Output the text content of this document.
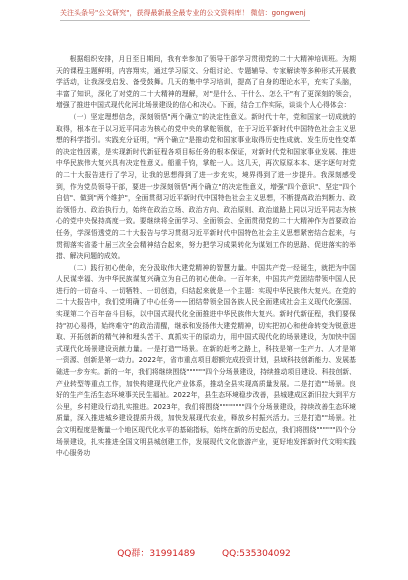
关注头条号"公文研究"，获得最新最全最专业的公文资料库！ 微信：gongwenj

根据组织安排，月日至日期间，我有幸参加了领导干部学习贯彻党的二十大精神培训班。为期天的课程主题鲜明，内容翔实，通过学习原文、分组讨论、专题辅导、专家解读等多种形式开展教学活动，让我深受启发、备受鼓舞。几天的集中学习培训，提高了自身的理论水平，充实了头脑，丰富了知识，深化了对党的二十大精神的理解，对"是什么、干什么、怎么干"有了更深刻的领会，增强了推进中国式现代化河北场景建设的信心和决心。下面，结合工作实际，谈谈个人心得体会：

（一）坚定理想信念，深刻领悟"两个确立"的决定性意义。新时代十年，党和国家一切成就的取得，根本在于以习近平同志为核心的党中央的掌舵领航，在于习近平新时代中国特色社会主义思想的科学指引。实践充分证明，"两个确立"是推动党和国家事业取得历史性成就、发生历史性变革的决定性因素，是实现新时代新征程各项目标任务的根本保证，对新时代党和国家事业发展、推进中华民族伟大复兴具有决定性意义。船重千钧，掌舵一人。这几天，再次原原本本、逐字逐句对党的二十大报告进行了学习，让我的思想得到了进一步充实，境界得到了进一步提升。我深刻感受到，作为党员领导干部，要进一步深刻领悟"两个确立"的决定性意义，增强"四个意识"、坚定"四个自信"、做到"两个维护"，全面贯彻习近平新时代中国特色社会主义思想，不断提高政治判断力、政治领悟力、政治执行力，始终在政治立场、政治方向、政治原则、政治道路上同以习近平同志为核心的党中央保持高度一致。要继续将全面学习、全面领会、全面贯彻党的二十大精神作为首要政治任务，学深悟透党的二十大报告与学习贯彻习近平新时代中国特色社会主义思想紧密结合起来，与贯彻落实省委十届三次全会精神结合起来，努力把学习成果转化为谋划工作的思路、促进落实的举措、解决问题的成效。

（二）践行初心使命，充分汲取伟大建党精神的智慧力量。中国共产党一经诞生，就把为中国人民谋幸福、为中华民族谋复兴确立为自己的初心使命。一百年来，中国共产党团结带领中国人民进行的一切奋斗、一切牺牲、一切创造，归结起来就是一个主题：实现中华民族伟大复兴。在党的二十大报告中，我们党明确了中心任务——团结带领全国各族人民全面建成社会主义现代化强国、实现第二个百年奋斗目标，以中国式现代化全面推进中华民族伟大复兴。新时代新征程，我们要保持"初心易得，始终难守"的政治清醒，继承和发扬伟大建党精神，切实把初心和使命转变为锐意进取、开拓创新的精气神和埋头苦干、真抓实干的原动力，用中国式现代化的场景建设，为加快中国式现代化场景建设贡献力量。一是打造""场景。在新的赶考之路上，科技是第一生产力、人才是第一资源、创新是第一动力。2022年，省市重点项目超额完成投资计划，县域科技创新能力、发展基础进一步夯实。新的一年，我们将继续围绕""""""四个分场景建设，持续推动项目建设、科技创新、产业转型等重点工作，加快构建现代化产业体系，推动全县实现高质量发展。二是打造""场景。良好的生产生活生态环境事关民生福祉。2022年，县生态环境稳步改善，县城建成区新旧拉大到平方公里，乡村建设行动扎实推进。2023年，我们将围绕""""""""四个分场景建设，持续改善生态环境质量，深入推进城乡建设提质升级，加快发展现代农业，释放乡村振兴活力。三是打造""场景。社会文明程度是衡量一个地区现代化水平的基础指标，始终在新的历史起点，我们将围绕""""""四个分场景建设，扎实推进全国文明县城创建工作，发展现代文化旅游产业，更好地发挥新时代文明实践中心服务功

QQ群：31991489	QQ:535304092
